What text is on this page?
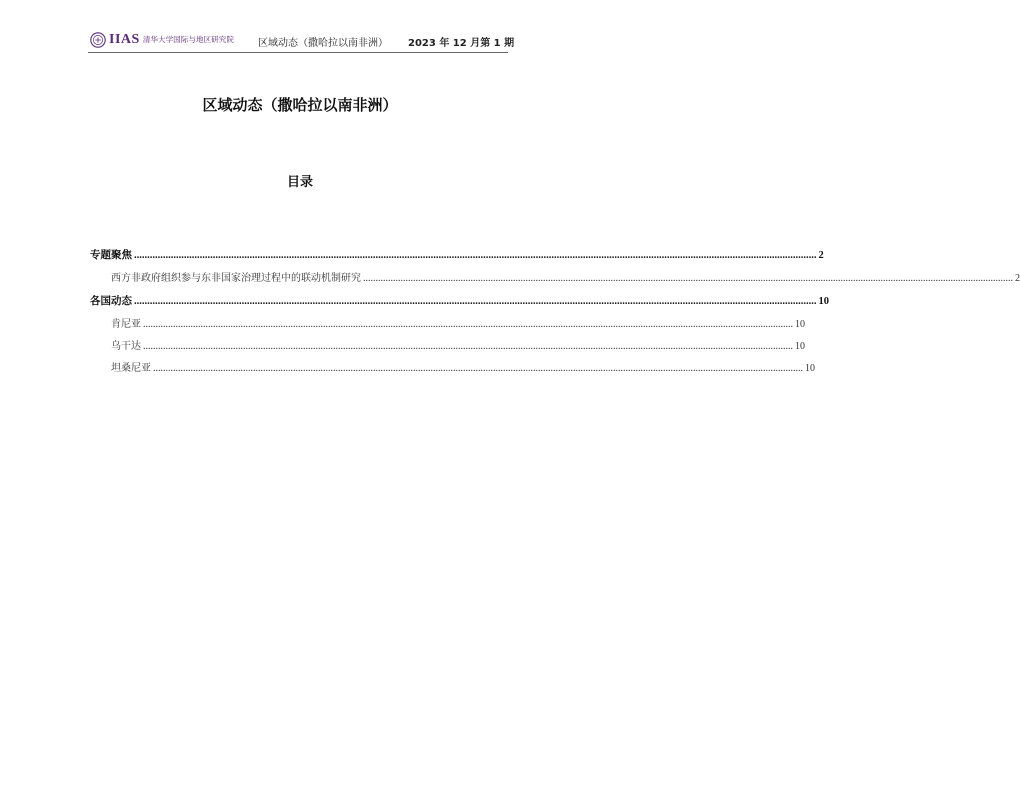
IIAS 清华大学国际与地区研究院 区域动态（撒哈拉以南非洲） 2023 年 12 月第 1 期
区域动态（撒哈拉以南非洲）
目录
专题聚焦 .................................................................................................................................................................................................................................................................... 2
西方非政府组织参与东非国家治理过程中的联动机制研究 .................................................................................................................................................................................................................................................................... 2
各国动态 .................................................................................................................................................................................................................................................................... 10
肯尼亚 .................................................................................................................................................................................................................................................................... 10
乌干达 .................................................................................................................................................................................................................................................................... 10
坦桑尼亚 .................................................................................................................................................................................................................................................................... 10
